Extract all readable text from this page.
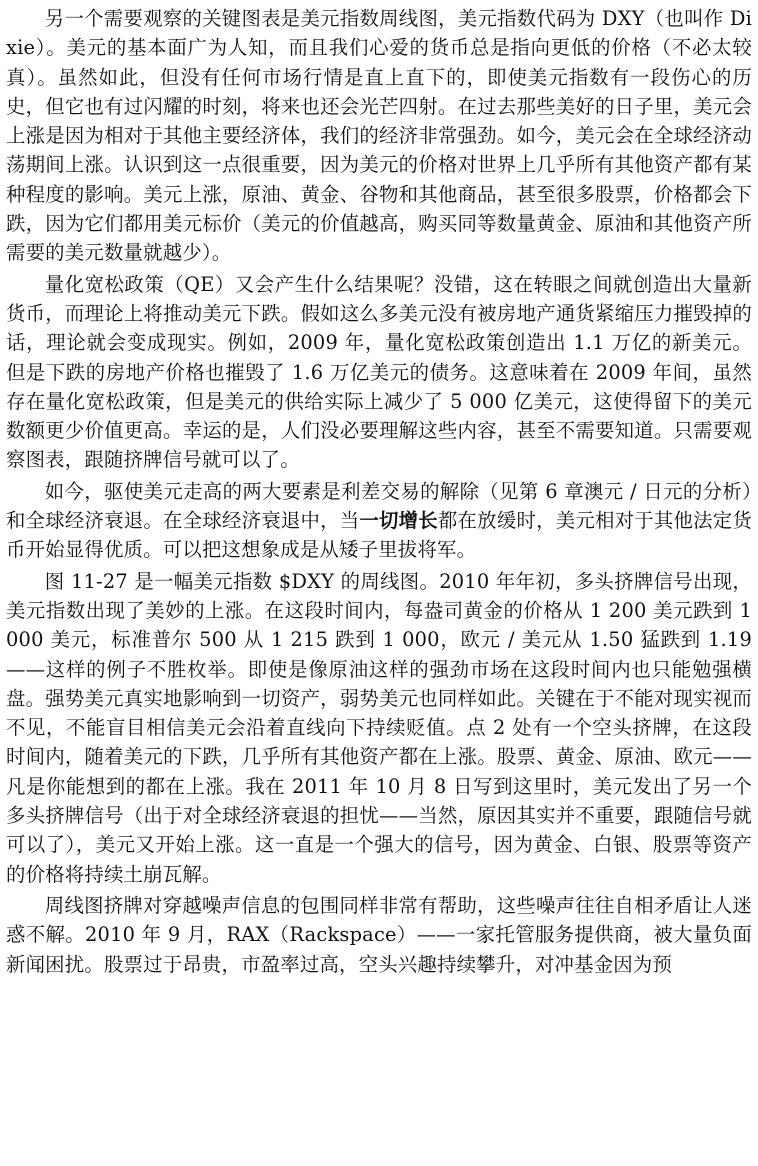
另一个需要观察的关键图表是美元指数周线图，美元指数代码为 DXY（也叫作 Dixie）。美元的基本面广为人知，而且我们心爱的货币总是指向更低的价格（不必太较真）。虽然如此，但没有任何市场行情是直上直下的，即使美元指数有一段伤心的历史，但它也有过闪耀的时刻，将来也还会光芒四射。在过去那些美好的日子里，美元会上涨是因为相对于其他主要经济体，我们的经济非常强劲。如今，美元会在全球经济动荡期间上涨。认识到这一点很重要，因为美元的价格对世界上几乎所有其他资产都有某种程度的影响。美元上涨，原油、黄金、谷物和其他商品，甚至很多股票，价格都会下跌，因为它们都用美元标价（美元的价值越高，购买同等数量黄金、原油和其他资产所需要的美元数量就越少）。

量化宽松政策（QE）又会产生什么结果呢？没错，这在转眼之间就创造出大量新货币，而理论上将推动美元下跌。假如这么多美元没有被房地产通货紧缩压力摧毁掉的话，理论就会变成现实。例如，2009 年，量化宽松政策创造出 1.1 万亿的新美元。但是下跌的房地产价格也摧毁了 1.6 万亿美元的债务。这意味着在 2009 年间，虽然存在量化宽松政策，但是美元的供给实际上减少了 5 000 亿美元，这使得留下的美元数额更少价值更高。幸运的是，人们没必要理解这些内容，甚至不需要知道。只需要观察图表，跟随挤牌信号就可以了。

如今，驱使美元走高的两大要素是利差交易的解除（见第 6 章澳元 / 日元的分析）和全球经济衰退。在全球经济衰退中，当一切增长都在放缓时，美元相对于其他法定货币开始显得优质。可以把这想象成是从矮子里拔将军。

图 11-27 是一幅美元指数 $DXY 的周线图。2010 年年初，多头挤牌信号出现，美元指数出现了美妙的上涨。在这段时间内，每盎司黄金的价格从 1 200 美元跌到 1 000 美元，标准普尔 500 从 1 215 跌到 1 000，欧元 / 美元从 1.50 猛跌到 1.19——这样的例子不胜枚举。即使是像原油这样的强劲市场在这段时间内也只能勉强横盘。强势美元真实地影响到一切资产，弱势美元也同样如此。关键在于不能对现实视而不见，不能盲目相信美元会沿着直线向下持续贬值。点 2 处有一个空头挤牌，在这段时间内，随着美元的下跌，几乎所有其他资产都在上涨。股票、黄金、原油、欧元——凡是你能想到的都在上涨。我在 2011 年 10 月 8 日写到这里时，美元发出了另一个多头挤牌信号（出于对全球经济衰退的担忧——当然，原因其实并不重要，跟随信号就可以了），美元又开始上涨。这一直是一个强大的信号，因为黄金、白银、股票等资产的价格将持续土崩瓦解。

周线图挤牌对穿越噪声信息的包围同样非常有帮助，这些噪声往往自相矛盾让人迷惑不解。2010 年 9 月，RAX（Rackspace）——一家托管服务提供商，被大量负面新闻困扰。股票过于昂贵，市盈率过高，空头兴趣持续攀升，对冲基金因为预
